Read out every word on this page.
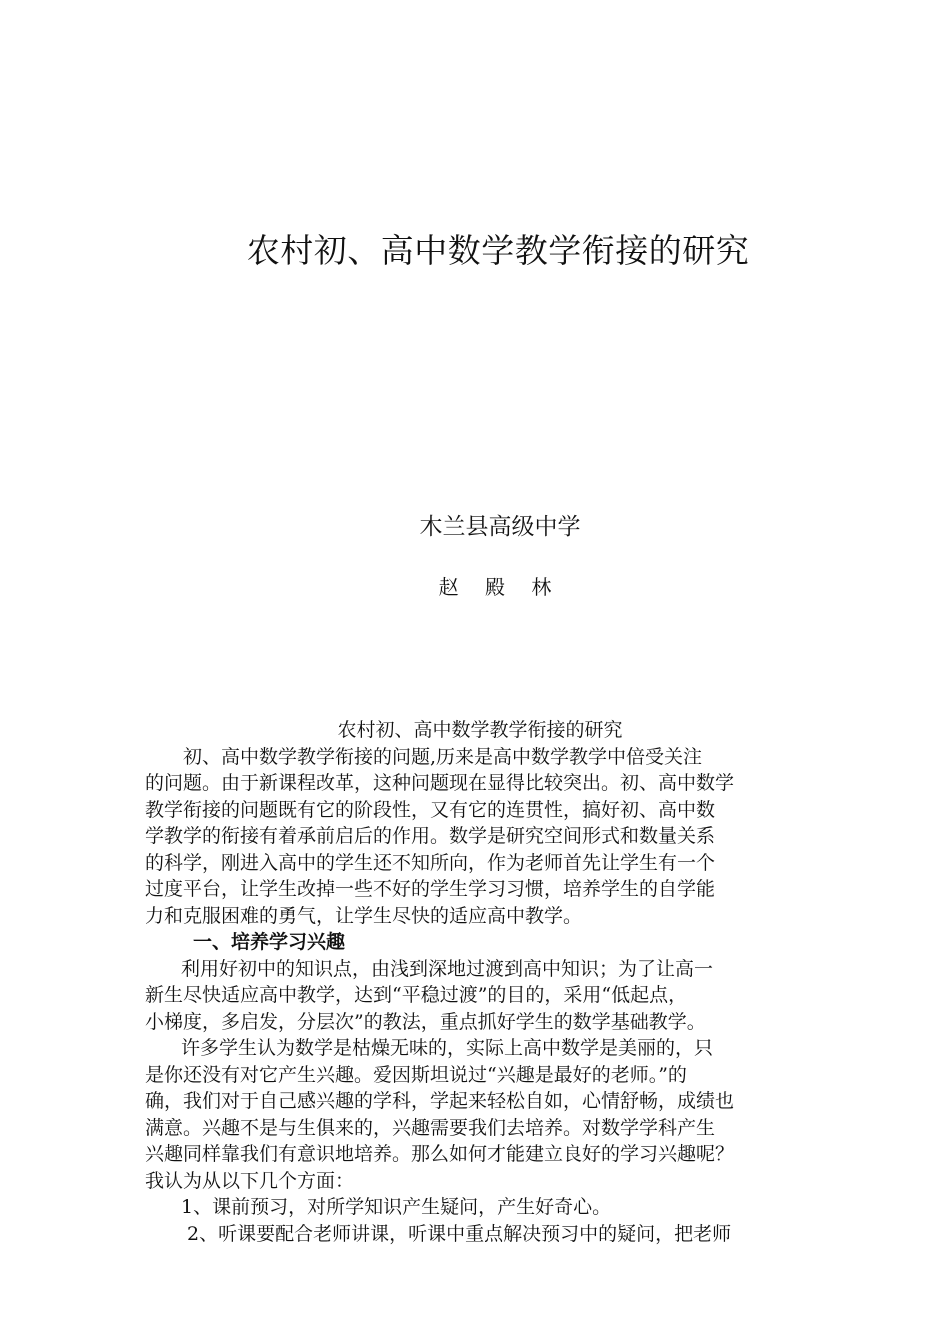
农村初、高中数学教学衔接的研究
木兰县高级中学
赵 殿 林
农村初、高中数学教学衔接的研究
初、高中数学教学衔接的问题,历来是高中数学教学中倍受关注
的问题。由于新课程改革，这种问题现在显得比较突出。初、高中数学
教学衔接的问题既有它的阶段性，又有它的连贯性，搞好初、高中数
学教学的衔接有着承前启后的作用。数学是研究空间形式和数量关系
的科学，刚进入高中的学生还不知所向，作为老师首先让学生有一个
过度平台，让学生改掉一些不好的学生学习习惯，培养学生的自学能
力和克服困难的勇气，让学生尽快的适应高中教学。
一、培养学习兴趣
利用好初中的知识点，由浅到深地过渡到高中知识；为了让高一
新生尽快适应高中教学，达到“平稳过渡”的目的，采用“低起点，
小梯度，多启发，分层次”的教法，重点抓好学生的数学基础教学。
许多学生认为数学是枯燥无味的，实际上高中数学是美丽的，只
是你还没有对它产生兴趣。爱因斯坦说过“兴趣是最好的老师。”的
确，我们对于自己感兴趣的学科，学起来轻松自如，心情舒畅，成绩也
满意。兴趣不是与生俱来的，兴趣需要我们去培养。对数学学科产生
兴趣同样靠我们有意识地培养。那么如何才能建立良好的学习兴趣呢？
我认为从以下几个方面：
1、课前预习，对所学知识产生疑问，产生好奇心。
2、听课要配合老师讲课，听课中重点解决预习中的疑问，把老师
